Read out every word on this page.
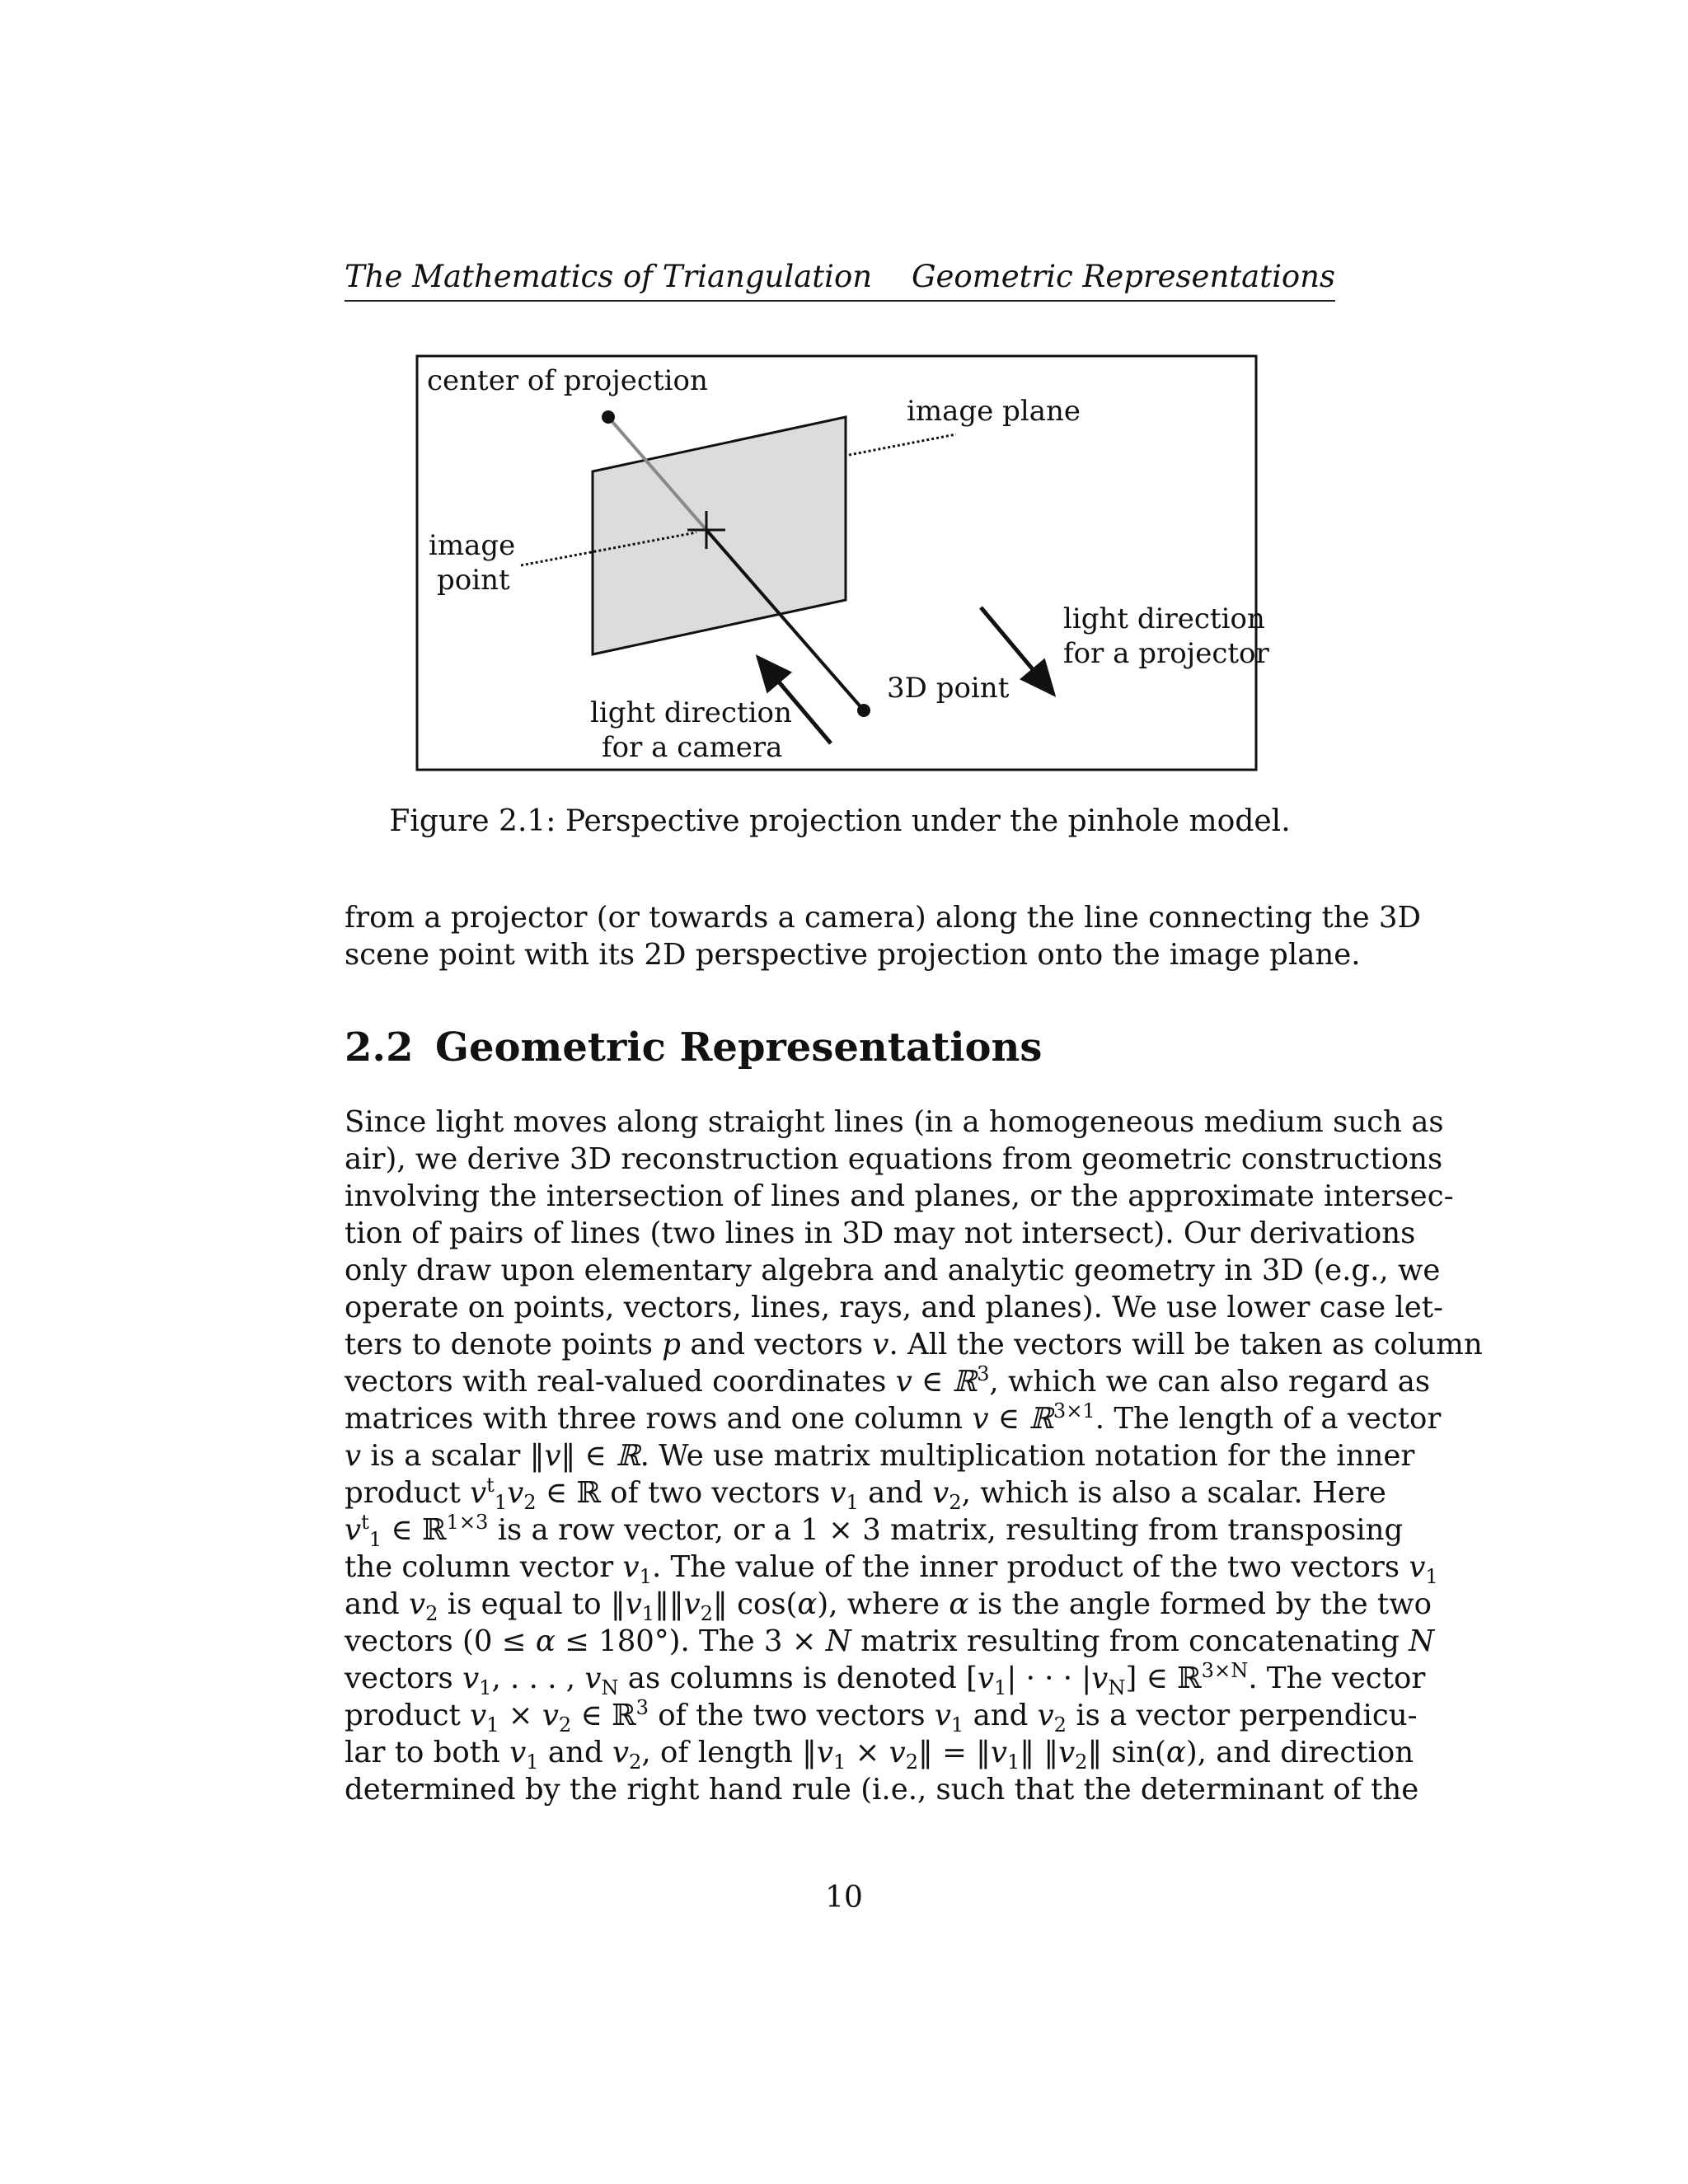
The Mathematics of Triangulation Geometric Representations
center of projection
image plane
image
point
light direction
for a projector
3D point
light direction
for a camera
Figure 2.1: Perspective projection under the pinhole model.
from a projector (or towards a camera) along the line connecting the 3D
scene point with its 2D perspective projection onto the image plane.
2.2 Geometric Representations
Since light moves along straight lines (in a homogeneous medium such as
air), we derive 3D reconstruction equations from geometric constructions
involving the intersection of lines and planes, or the approximate intersec-
tion of pairs of lines (two lines in 3D may not intersect). Our derivations
only draw upon elementary algebra and analytic geometry in 3D (e.g., we
operate on points, vectors, lines, rays, and planes). We use lower case let-
ters to denote points p and vectors v. All the vectors will be taken as column
vectors with real-valued coordinates v ∈ ℝ$^3$, which we can also regard as
matrices with three rows and one column v ∈ ℝ$^{3\times 1}$. The length of a vector
v is a scalar ‖v‖ ∈ ℝ. We use matrix multiplication notation for the inner
product $v^t_1v_2$ ∈ ℝ of two vectors $v_1$ and $v_2$, which is also a scalar. Here
$v^t_1$ ∈ ℝ$^{1\times 3}$ is a row vector, or a 1 × 3 matrix, resulting from transposing
the column vector $v_1$. The value of the inner product of the two vectors $v_1$
and $v_2$ is equal to $‖v_1‖‖v_2‖$ cos(α), where α is the angle formed by the two
vectors (0 ≤ α ≤ 180°). The 3 × N matrix resulting from concatenating N
vectors $v_1$, . . . , $v_N$ as columns is denoted [$v_1|$ · · · $|v_N$] ∈ ℝ$^{3\times N}$. The vector
product $v_1 \times v_2$ ∈ ℝ$^3$ of the two vectors $v_1$ and $v_2$ is a vector perpendicu-
lar to both $v_1$ and $v_2$, of length $‖v_1$ × $v_2‖$ = $‖v_1‖$ $‖v_2‖$ sin(α), and direction
determined by the right hand rule (i.e., such that the determinant of the
10
